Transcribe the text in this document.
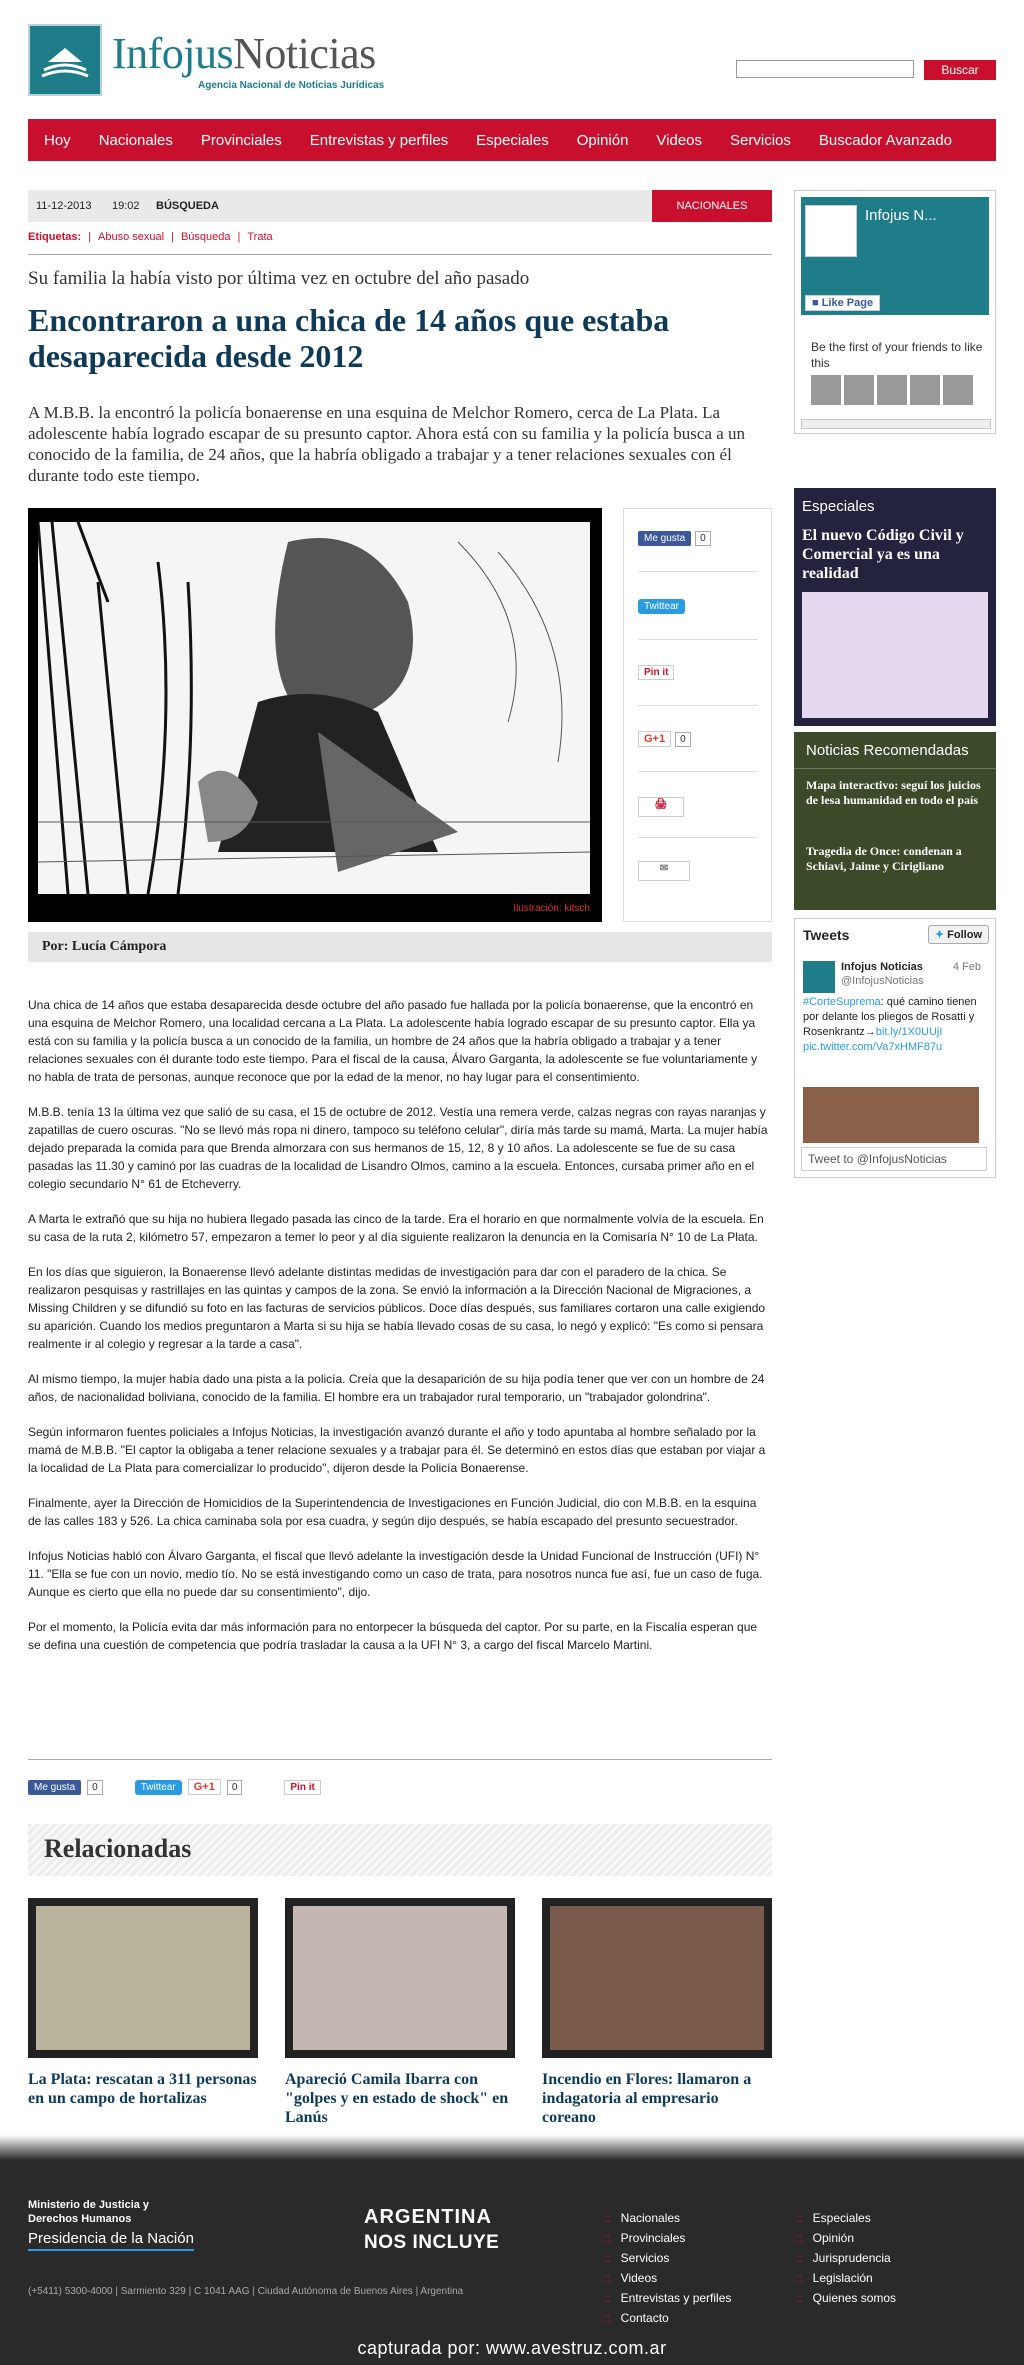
InfojusNoticias
Agencia Nacional de Noticias Jurídicas
Buscar
Hoy	Nacionales	Provinciales	Entrevistas y perfiles	Especiales	Opinión	Videos	Servicios	Buscador Avanzado
11-12-2013 19:02 BÚSQUEDA	NACIONALES
Etiquetas: | Abuso sexual | Búsqueda | Trata
Su familia la había visto por última vez en octubre del año pasado
Encontraron a una chica de 14 años que estaba desaparecida desde 2012
A M.B.B. la encontró la policía bonaerense en una esquina de Melchor Romero, cerca de La Plata. La adolescente había logrado escapar de su presunto captor. Ahora está con su familia y la policía busca a un conocido de la familia, de 24 años, que la habría obligado a trabajar y a tener relaciones sexuales con él durante todo este tiempo.
Ilustración: kitsch
Me gusta	0
Twittear
Pin it
G+1	0
🖨
✉
Por: Lucía Cámpora

Una chica de 14 años que estaba desaparecida desde octubre del año pasado fue hallada por la policía bonaerense, que la encontró en una esquina de Melchor Romero, una localidad cercana a La Plata. La adolescente había logrado escapar de su presunto captor. Ella ya está con su familia y la policía busca a un conocido de la familia, un hombre de 24 años que la habría obligado a trabajar y a tener relaciones sexuales con él durante todo este tiempo. Para el fiscal de la causa, Álvaro Garganta, la adolescente se fue voluntariamente y no habla de trata de personas, aunque reconoce que por la edad de la menor, no hay lugar para el consentimiento.

M.B.B. tenía 13 la última vez que salió de su casa, el 15 de octubre de 2012. Vestía una remera verde, calzas negras con rayas naranjas y zapatillas de cuero oscuras. "No se llevó más ropa ni dinero, tampoco su teléfono celular", diría más tarde su mamá, Marta. La mujer había dejado preparada la comida para que Brenda almorzara con sus hermanos de 15, 12, 8 y 10 años. La adolescente se fue de su casa pasadas las 11.30 y caminó por las cuadras de la localidad de Lisandro Olmos, camino a la escuela. Entonces, cursaba primer año en el colegio secundario N° 61 de Etcheverry.

A Marta le extrañó que su hija no hubiera llegado pasada las cinco de la tarde. Era el horario en que normalmente volvía de la escuela. En su casa de la ruta 2, kilómetro 57, empezaron a temer lo peor y al día siguiente realizaron la denuncia en la Comisaría N° 10 de La Plata.

En los días que siguieron, la Bonaerense llevó adelante distintas medidas de investigación para dar con el paradero de la chica. Se realizaron pesquisas y rastrillajes en las quintas y campos de la zona. Se envió la información a la Dirección Nacional de Migraciones, a Missing Children y se difundió su foto en las facturas de servicios públicos. Doce días después, sus familiares cortaron una calle exigiendo su aparición. Cuando los medios preguntaron a Marta si su hija se había llevado cosas de su casa, lo negó y explicó: "Es como si pensara realmente ir al colegio y regresar a la tarde a casa".

Al mismo tiempo, la mujer había dado una pista a la policía. Creía que la desaparición de su hija podía tener que ver con un hombre de 24 años, de nacionalidad boliviana, conocido de la familia. El hombre era un trabajador rural temporario, un "trabajador golondrina".

Según informaron fuentes policiales a Infojus Noticias, la investigación avanzó durante el año y todo apuntaba al hombre señalado por la mamá de M.B.B. "El captor la obligaba a tener relacione sexuales y a trabajar para él. Se determinó en estos días que estaban por viajar a la localidad de La Plata para comercializar lo producido", dijeron desde la Policía Bonaerense.

Finalmente, ayer la Dirección de Homicidios de la Superintendencia de Investigaciones en Función Judicial, dio con M.B.B. en la esquina de las calles 183 y 526. La chica caminaba sola por esa cuadra, y según dijo después, se había escapado del presunto secuestrador.

Infojus Noticias habló con Álvaro Garganta, el fiscal que llevó adelante la investigación desde la Unidad Funcional de Instrucción (UFI) N° 11. "Ella se fue con un novio, medio tío. No se está investigando como un caso de trata, para nosotros nunca fue así, fue un caso de fuga. Aunque es cierto que ella no puede dar su consentimiento", dijo.

Por el momento, la Policía evita dar más información para no entorpecer la búsqueda del captor. Por su parte, en la Fiscalía esperan que se defina una cuestión de competencia que podría trasladar la causa a la UFI N° 3, a cargo del fiscal Marcelo Martini.

Me gusta	0	Twittear	G+1	0	Pin it
Relacionadas
La Plata: rescatan a 311 personas en un campo de hortalizas
Apareció Camila Ibarra con "golpes y en estado de shock" en Lanús
Incendio en Flores: llamaron a indagatoria al empresario coreano
Infojus N...
■ Like Page
Be the first of your friends to like this
Especiales
El nuevo Código Civil y Comercial ya es una realidad
Noticias Recomendadas
Mapa interactivo: seguí los juicios de lesa humanidad en todo el país
Tragedia de Once: condenan a Schiavi, Jaime y Cirigliano
Tweets	✦ Follow
Infojus Noticias
@InfojusNoticias
4 Feb
#CorteSuprema: qué camino tienen por delante los pliegos de Rosatti y Rosenkrantz→bit.ly/1X0UUjI
pic.twitter.com/Va7xHMF87u
Tweet to @InfojusNoticias
Ministerio de Justicia y Derechos Humanos
Presidencia de la Nación
ARGENTINA
NOS INCLUYE
(+5411) 5300-4000 | Sarmiento 329 | C 1041 AAG | Ciudad Autónoma de Buenos Aires | Argentina
:: Nacionales
:: Provinciales
:: Servicios
:: Videos
:: Entrevistas y perfiles
:: Contacto
:: Especiales
:: Opinión
:: Jurisprudencia
:: Legislación
:: Quienes somos
capturada por: www.avestruz.com.ar
